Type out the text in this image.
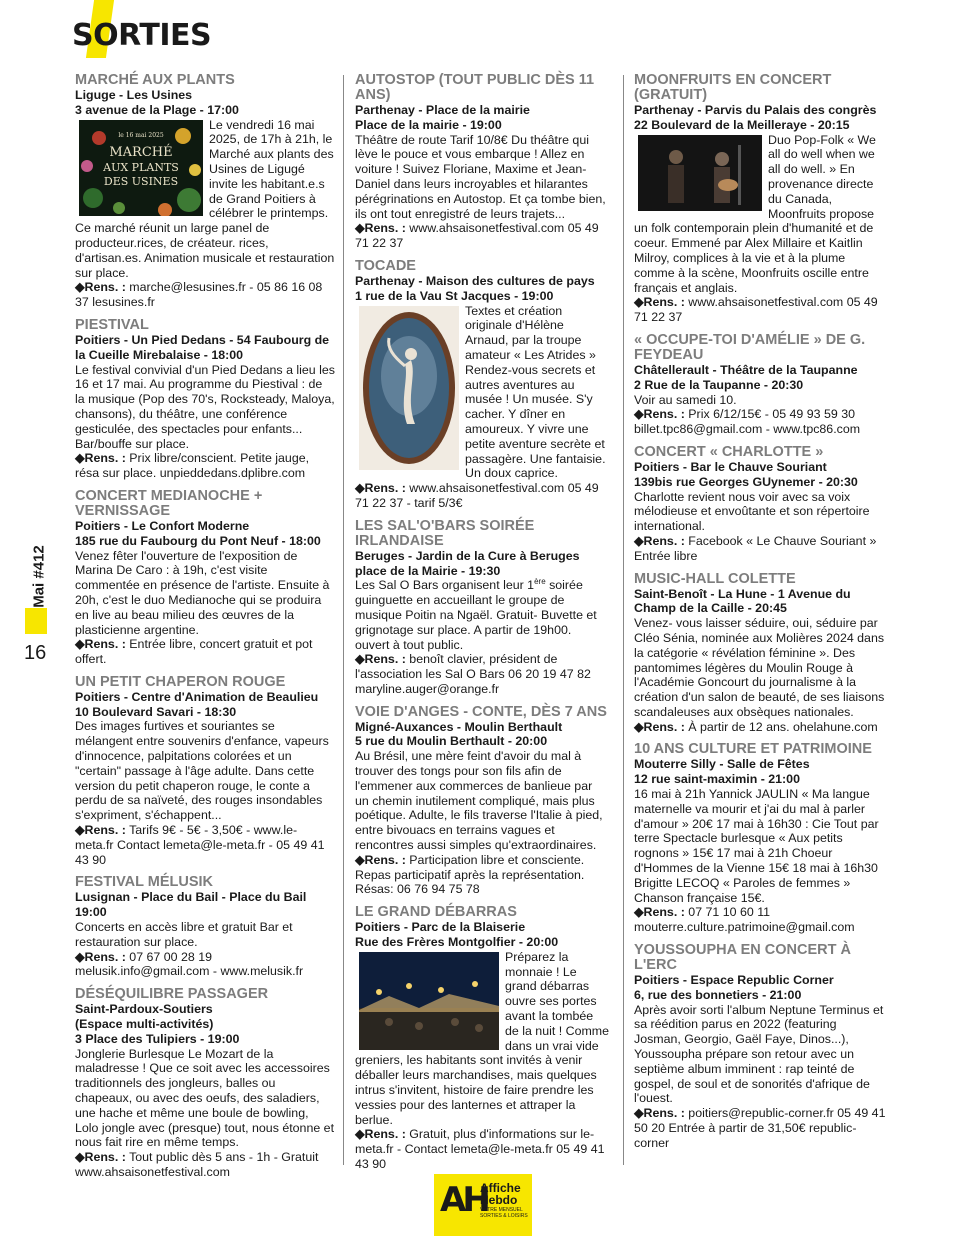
SORTIES
Mai #412
16
MARCHÉ AUX PLANTS
Liguge - Les Usines
3 avenue de la Plage - 17:00
le 16 mai 2025
MARCHÉ
AUX PLANTS
DES USINES
Le vendredi 16 mai 2025, de 17h à 21h, le Marché aux plants des Usines de Ligugé invite les habitant.e.s de Grand Poitiers à célébrer le printemps. Ce marché réunit un large panel de producteur.rices, de créateur. rices, d'artisan.es. Animation musicale et restauration sur place.
◆Rens. : marche@lesusines.fr - 05 86 16 08 37 lesusines.fr
PIESTIVAL
Poitiers - Un Pied Dedans - 54 Faubourg de la Cueille Mirebalaise - 18:00
Le festival convivial d'un Pied Dedans a lieu les 16 et 17 mai. Au programme du Piestival : de la musique (Pop des 70's, Rocksteady, Maloya, chansons), du théâtre, une conférence gesticulée, des spectacles pour enfants... Bar/bouffe sur place.
◆Rens. : Prix libre/conscient. Petite jauge, résa sur place. unpieddedans.dplibre.com
CONCERT MEDIANOCHE + VERNISSAGE
Poitiers - Le Confort Moderne
185 rue du Faubourg du Pont Neuf - 18:00
Venez fêter l'ouverture de l'exposition de Marina De Caro : à 19h, c'est visite commentée en présence de l'artiste. Ensuite à 20h, c'est le duo Medianoche qui se produira en live au beau milieu des œuvres de la plasticienne argentine.
◆Rens. : Entrée libre, concert gratuit et pot offert.
UN PETIT CHAPERON ROUGE
Poitiers - Centre d'Animation de Beaulieu
10 Boulevard Savari - 18:30
Des images furtives et souriantes se mélangent entre souvenirs d'enfance, vapeurs d'innocence, palpitations colorées et un "certain" passage à l'âge adulte. Dans cette version du petit chaperon rouge, le conte a perdu de sa naïveté, des rouges insondables s'expriment, s'échappent...
◆Rens. : Tarifs 9€ - 5€ - 3,50€ - www.le-meta.fr Contact lemeta@le-meta.fr - 05 49 41 43 90
FESTIVAL MÉLUSIK
Lusignan - Place du Bail - Place du Bail
19:00
Concerts en accès libre et gratuit Bar et restauration sur place.
◆Rens. : 07 67 00 28 19 melusik.info@gmail.com - www.melusik.fr
DÉSÉQUILIBRE PASSAGER
Saint-Pardoux-Soutiers
(Espace multi-activités)
3 Place des Tulipiers - 19:00
Jonglerie Burlesque Le Mozart de la maladresse ! Que ce soit avec les accessoires traditionnels des jongleurs, balles ou chapeaux, ou avec des oeufs, des saladiers, une hache et même une boule de bowling, Lolo jongle avec (presque) tout, nous étonne et nous fait rire en même temps.
◆Rens. : Tout public dès 5 ans - 1h - Gratuit www.ahsaisonetfestival.com
AUTOSTOP (TOUT PUBLIC DÈS 11 ANS)
Parthenay - Place de la mairie
Place de la mairie - 19:00
Théâtre de route Tarif 10/8€ Du théâtre qui lève le pouce et vous embarque ! Allez en voiture ! Suivez Floriane, Maxime et Jean-Daniel dans leurs incroyables et hilarantes pérégrinations en Autostop. Et ça tombe bien, ils ont tout enregistré de leurs trajets...
◆Rens. : www.ahsaisonetfestival.com 05 49 71 22 37
TOCADE
Parthenay - Maison des cultures de pays
1 rue de la Vau St Jacques - 19:00
Textes et création originale d'Hélène Arnaud, par la troupe amateur « Les Atrides » Rendez-vous secrets et autres aventures au musée ! Un musée. S'y cacher. Y dîner en amoureux. Y vivre une petite aventure secrète et passagère. Une fantaisie. Un doux caprice.
◆Rens. : www.ahsaisonetfestival.com 05 49 71 22 37 - tarif 5/3€
LES SAL'O'BARS SOIRÉE IRLANDAISE
Beruges - Jardin de la Cure à Beruges place de la Mairie - 19:30
Les Sal O Bars organisent leur 1ère soirée guinguette en accueillant le groupe de musique Poitin na Ngaël. Gratuit- Buvette et grignotage sur place. A partir de 19h00. ouvert à tout public.
◆Rens. : benoît clavier, président de l'association les Sal O Bars 06 20 19 47 82 maryline.auger@orange.fr
VOIE D'ANGES - CONTE, DÈS 7 ANS
Migné-Auxances - Moulin Berthault
5 rue du Moulin Berthault - 20:00
Au Brésil, une mère feint d'avoir du mal à trouver des tongs pour son fils afin de l'emmener aux commerces de banlieue par un chemin inutilement compliqué, mais plus poétique. Adulte, le fils traverse l'Italie à pied, entre bivouacs en terrains vagues et rencontres aussi simples qu'extraordinaires.
◆Rens. : Participation libre et consciente. Repas participatif après la représentation. Résas: 06 76 94 75 78
LE GRAND DÉBARRAS
Poitiers - Parc de la Blaiserie
Rue des Frères Montgolfier - 20:00
Préparez la monnaie ! Le grand débarras ouvre ses portes avant la tombée de la nuit ! Comme dans un vrai vide greniers, les habitants sont invités à venir déballer leurs marchandises, mais quelques intrus s'invitent, histoire de faire prendre les vessies pour des lanternes et attraper la berlue.
◆Rens. : Gratuit, plus d'informations sur le-meta.fr - Contact lemeta@le-meta.fr 05 49 41 43 90
MOONFRUITS EN CONCERT (GRATUIT)
Parthenay - Parvis du Palais des congrès
22 Boulevard de la Meilleraye - 20:15
Duo Pop-Folk « We all do well when we all do well. » En provenance directe du Canada, Moonfruits propose un folk contemporain plein d'humanité et de coeur. Emmené par Alex Millaire et Kaitlin Milroy, complices à la vie et à la plume comme à la scène, Moonfruits oscille entre français et anglais.
◆Rens. : www.ahsaisonetfestival.com 05 49 71 22 37
« OCCUPE-TOI D'AMÉLIE » DE G. FEYDEAU
Châtellerault - Théâtre de la Taupanne
2 Rue de la Taupanne - 20:30
Voir au samedi 10.
◆Rens. : Prix 6/12/15€ - 05 49 93 59 30 billet.tpc86@gmail.com - www.tpc86.com
CONCERT « CHARLOTTE »
Poitiers - Bar le Chauve Souriant
139bis rue Georges GUynemer - 20:30
Charlotte revient nous voir avec sa voix mélodieuse et envoûtante et son répertoire international.
◆Rens. : Facebook « Le Chauve Souriant » Entrée libre
MUSIC-HALL COLETTE
Saint-Benoît - La Hune - 1 Avenue du Champ de la Caille - 20:45
Venez- vous laisser séduire, oui, séduire par Cléo Sénia, nominée aux Molières 2024 dans la catégorie « révélation féminine ». Des pantomimes légères du Moulin Rouge à l'Académie Goncourt du journalisme à la création d'un salon de beauté, de ses liaisons scandaleuses aux obsèques nationales.
◆Rens. : À partir de 12 ans. ohelahune.com
10 ANS CULTURE ET PATRIMOINE
Mouterre Silly - Salle de Fêtes
12 rue saint-maximin - 21:00
16 mai à 21h Yannick JAULIN « Ma langue maternelle va mourir et j'ai du mal à parler d'amour » 20€ 17 mai à 16h30 : Cie Tout par terre Spectacle burlesque « Aux petits rognons » 15€ 17 mai à 21h Choeur d'Hommes de la Vienne 15€ 18 mai à 16h30 Brigitte LECOQ « Paroles de femmes » Chanson française 15€.
◆Rens. : 07 71 10 60 11 mouterre.culture.patrimoine@gmail.com
YOUSSOUPHA EN CONCERT À L'ERC
Poitiers - Espace Republic Corner
6, rue des bonnetiers - 21:00
Après avoir sorti l'album Neptune Terminus et sa réédition parus en 2022 (featuring Josman, Georgio, Gaël Faye, Dinos...), Youssoupha prépare son retour avec un septième album imminent : rap teinté de gospel, de soul et de sonorités d'afrique de l'ouest.
◆Rens. : poitiers@republic-corner.fr 05 49 41 50 20 Entrée à partir de 31,50€ republic-corner
AH
Affiche
Hebdo
VOTRE MENSUEL
SORTIES & LOISIRS
